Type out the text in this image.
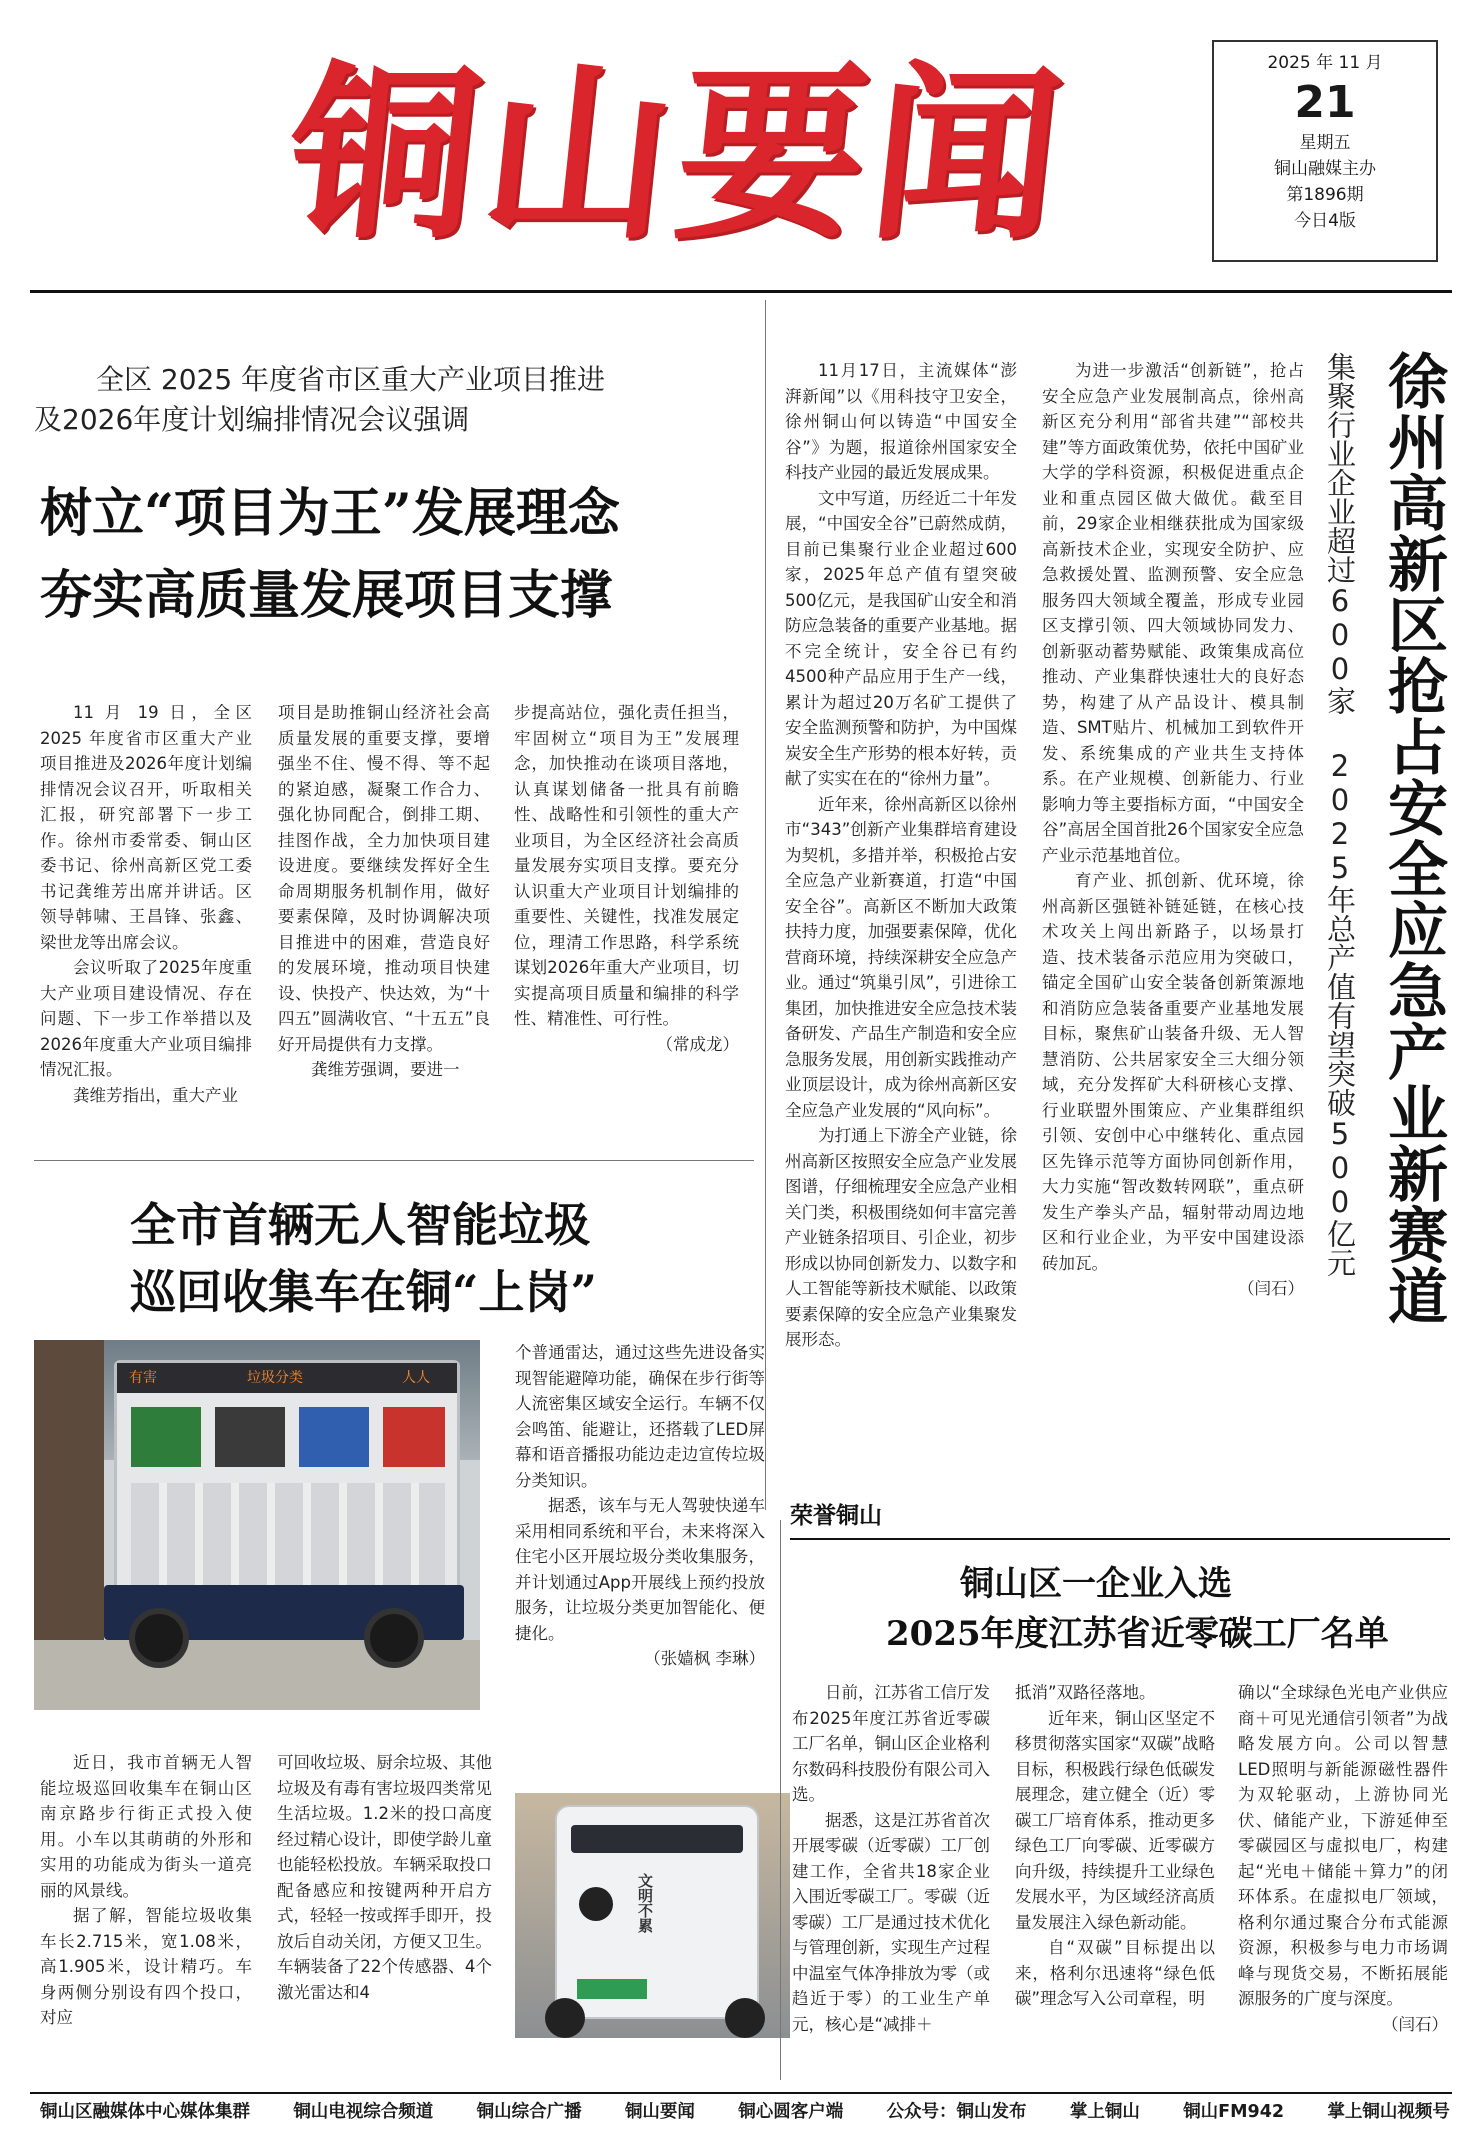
铜山要闻	2025 年 11 月
21
星期五
铜山融媒主办
第1896期
今日4版
全区 2025 年度省市区重大产业项目推进
及2026年度计划编排情况会议强调
树立“项目为王”发展理念
夯实高质量发展项目支撑

11 月 19 日，全区 2025 年度省市区重大产业项目推进及2026年度计划编排情况会议召开，听取相关汇报，研究部署下一步工作。徐州市委常委、铜山区委书记、徐州高新区党工委书记龚维芳出席并讲话。区领导韩啸、王昌锋、张鑫、梁世龙等出席会议。

会议听取了2025年度重大产业项目建设情况、存在问题、下一步工作举措以及2026年度重大产业项目编排情况汇报。

龚维芳指出，重大产业

项目是助推铜山经济社会高质量发展的重要支撑，要增强坐不住、慢不得、等不起的紧迫感，凝聚工作合力、强化协同配合，倒排工期、挂图作战，全力加快项目建设进度。要继续发挥好全生命周期服务机制作用，做好要素保障，及时协调解决项目推进中的困难，营造良好的发展环境，推动项目快建设、快投产、快达效，为“十四五”圆满收官、“十五五”良好开局提供有力支撑。

龚维芳强调，要进一

步提高站位，强化责任担当，牢固树立“项目为王”发展理念，加快推动在谈项目落地，认真谋划储备一批具有前瞻性、战略性和引领性的重大产业项目，为全区经济社会高质量发展夯实项目支撑。要充分认识重大产业项目计划编排的重要性、关键性，找准发展定位，理清工作思路，科学系统谋划2026年重大产业项目，切实提高项目质量和编排的科学性、精准性、可行性。

（常成龙）	徐州高新区抢占安全应急产业新赛道
集聚行业企业超过600家 2025年总产值有望突破500亿元

11月17日，主流媒体“澎湃新闻”以《用科技守卫安全，徐州铜山何以铸造“中国安全谷”》为题，报道徐州国家安全科技产业园的最近发展成果。

文中写道，历经近二十年发展，“中国安全谷”已蔚然成荫，目前已集聚行业企业超过600家，2025年总产值有望突破500亿元，是我国矿山安全和消防应急装备的重要产业基地。据不完全统计，安全谷已有约4500种产品应用于生产一线，累计为超过20万名矿工提供了安全监测预警和防护，为中国煤炭安全生产形势的根本好转，贡献了实实在在的“徐州力量”。

近年来，徐州高新区以徐州市“343”创新产业集群培育建设为契机，多措并举，积极抢占安全应急产业新赛道，打造“中国安全谷”。高新区不断加大政策扶持力度，加强要素保障，优化营商环境，持续深耕安全应急产业。通过“筑巢引凤”，引进徐工集团，加快推进安全应急技术装备研发、产品生产制造和安全应急服务发展，用创新实践推动产业顶层设计，成为徐州高新区安全应急产业发展的“风向标”。

为打通上下游全产业链，徐州高新区按照安全应急产业发展图谱，仔细梳理安全应急产业相关门类，积极围绕如何丰富完善产业链条招项目、引企业，初步形成以协同创新发力、以数字和人工智能等新技术赋能、以政策要素保障的安全应急产业集聚发展形态。

为进一步激活“创新链”，抢占安全应急产业发展制高点，徐州高新区充分利用“部省共建”“部校共建”等方面政策优势，依托中国矿业大学的学科资源，积极促进重点企业和重点园区做大做优。截至目前，29家企业相继获批成为国家级高新技术企业，实现安全防护、应急救援处置、监测预警、安全应急服务四大领域全覆盖，形成专业园区支撑引领、四大领域协同发力、创新驱动蓄势赋能、政策集成高位推动、产业集群快速壮大的良好态势，构建了从产品设计、模具制造、SMT贴片、机械加工到软件开发、系统集成的产业共生支持体系。在产业规模、创新能力、行业影响力等主要指标方面，“中国安全谷”高居全国首批26个国家安全应急产业示范基地首位。

育产业、抓创新、优环境，徐州高新区强链补链延链，在核心技术攻关上闯出新路子，以场景打造、技术装备示范应用为突破口，锚定全国矿山安全装备创新策源地和消防应急装备重要产业基地发展目标，聚焦矿山装备升级、无人智慧消防、公共居家安全三大细分领域，充分发挥矿大科研核心支撑、行业联盟外围策应、产业集群组织引领、安创中心中继转化、重点园区先锋示范等方面协同创新作用，大力实施“智改数转网联”，重点研发生产拳头产品，辐射带动周边地区和行业企业，为平安中国建设添砖加瓦。

（闫石）

全市首辆无人智能垃圾
巡回收集车在铜“上岗”
有害	垃圾分类	人人

个普通雷达，通过这些先进设备实现智能避障功能，确保在步行街等人流密集区域安全运行。车辆不仅会鸣笛、能避让，还搭载了LED屏幕和语音播报功能边走边宣传垃圾分类知识。

据悉，该车与无人驾驶快递车采用相同系统和平台，未来将深入住宅小区开展垃圾分类收集服务，并计划通过App开展线上预约投放服务，让垃圾分类更加智能化、便捷化。

（张嫱枫 李琳）

近日，我市首辆无人智能垃圾巡回收集车在铜山区南京路步行街正式投入使用。小车以其萌萌的外形和实用的功能成为街头一道亮丽的风景线。

据了解，智能垃圾收集车长2.715米，宽1.08米，高1.905米，设计精巧。车身两侧分别设有四个投口，对应

可回收垃圾、厨余垃圾、其他垃圾及有毒有害垃圾四类常见生活垃圾。1.2米的投口高度经过精心设计，即使学龄儿童也能轻松投放。车辆采取投口配备感应和按键两种开启方式，轻轻一按或挥手即开，投放后自动关闭，方便又卫生。车辆装备了22个传感器、4个激光雷达和4

文明不累
荣誉铜山
铜山区一企业入选
2025年度江苏省近零碳工厂名单

日前，江苏省工信厅发布2025年度江苏省近零碳工厂名单，铜山区企业格利尔数码科技股份有限公司入选。

据悉，这是江苏省首次开展零碳（近零碳）工厂创建工作，全省共18家企业入围近零碳工厂。零碳（近零碳）工厂是通过技术优化与管理创新，实现生产过程中温室气体净排放为零（或趋近于零）的工业生产单元，核心是“减排＋

抵消”双路径落地。

近年来，铜山区坚定不移贯彻落实国家“双碳”战略目标，积极践行绿色低碳发展理念，建立健全（近）零碳工厂培育体系，推动更多绿色工厂向零碳、近零碳方向升级，持续提升工业绿色发展水平，为区域经济高质量发展注入绿色新动能。

自“双碳”目标提出以来，格利尔迅速将“绿色低碳”理念写入公司章程，明

确以“全球绿色光电产业供应商＋可见光通信引领者”为战略发展方向。公司以智慧LED照明与新能源磁性器件为双轮驱动，上游协同光伏、储能产业，下游延伸至零碳园区与虚拟电厂，构建起“光电＋储能＋算力”的闭环体系。在虚拟电厂领域，格利尔通过聚合分布式能源资源，积极参与电力市场调峰与现货交易，不断拓展能源服务的广度与深度。

（闫石）

铜山区融媒体中心媒体集群 铜山电视综合频道 铜山综合广播 铜山要闻 铜心圆客户端 公众号：铜山发布 掌上铜山 铜山FM942 掌上铜山视频号
